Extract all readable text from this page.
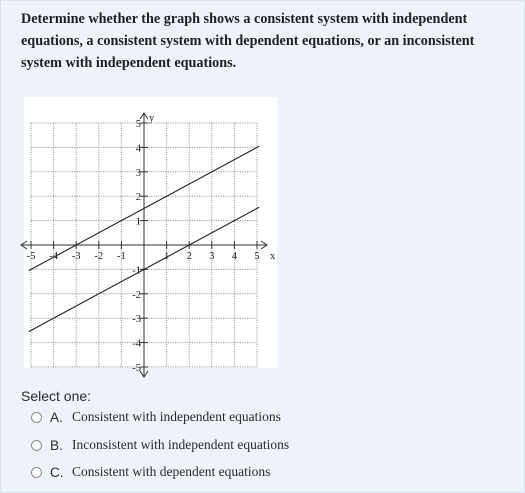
Determine whether the graph shows a consistent system with independent equations, a consistent system with dependent equations, or an inconsistent system with independent equations.
-5 -4 -3 -2 -1	1 2 3 4 5
5
4
3
2
1
-1
-2
-3
-4
-5
x
y
Select one:
A. Consistent with independent equations
B. Inconsistent with independent equations
C. Consistent with dependent equations
